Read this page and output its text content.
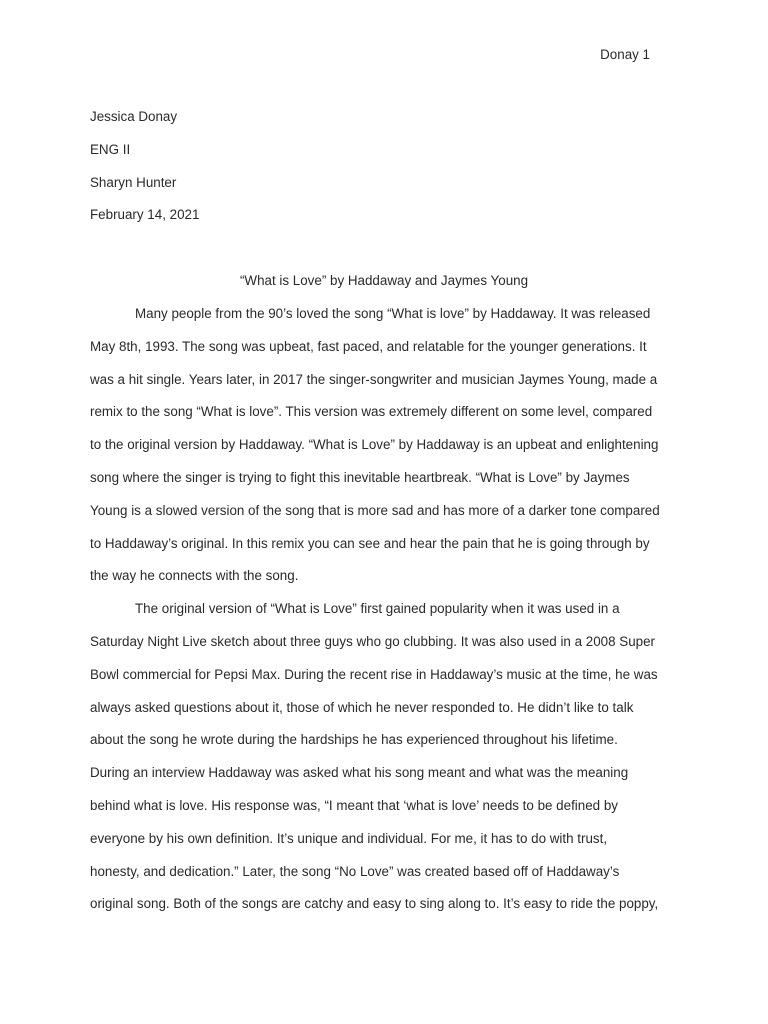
Donay 1

Jessica Donay
ENG II
Sharyn Hunter
February 14, 2021

“What is Love” by Haddaway and Jaymes Young

Many people from the 90’s loved the song “What is love” by Haddaway. It was released
May 8th, 1993. The song was upbeat, fast paced, and relatable for the younger generations. It
was a hit single. Years later, in 2017 the singer-songwriter and musician Jaymes Young, made a
remix to the song “What is love”. This version was extremely different on some level, compared
to the original version by Haddaway. “What is Love” by Haddaway is an upbeat and enlightening
song where the singer is trying to fight this inevitable heartbreak. “What is Love” by Jaymes
Young is a slowed version of the song that is more sad and has more of a darker tone compared
to Haddaway’s original. In this remix you can see and hear the pain that he is going through by
the way he connects with the song.
The original version of “What is Love” first gained popularity when it was used in a
Saturday Night Live sketch about three guys who go clubbing. It was also used in a 2008 Super
Bowl commercial for Pepsi Max. During the recent rise in Haddaway’s music at the time, he was
always asked questions about it, those of which he never responded to. He didn’t like to talk
about the song he wrote during the hardships he has experienced throughout his lifetime.
During an interview Haddaway was asked what his song meant and what was the meaning
behind what is love. His response was, “I meant that ‘what is love’ needs to be defined by
everyone by his own definition. It’s unique and individual. For me, it has to do with trust,
honesty, and dedication.” Later, the song “No Love” was created based off of Haddaway’s
original song. Both of the songs are catchy and easy to sing along to. It’s easy to ride the poppy,
